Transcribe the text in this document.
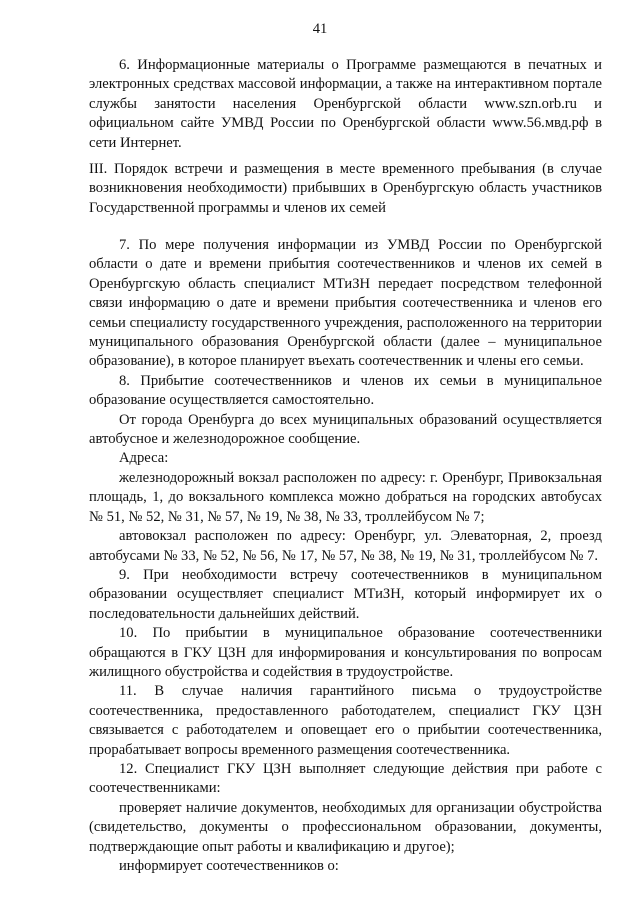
41

6. Информационные материалы о Программе размещаются в печатных и электронных средствах массовой информации, а также на интерактивном портале службы занятости населения Оренбургской области www.szn.orb.ru и официальном сайте УМВД России по Оренбургской области www.56.мвд.рф в сети Интернет.

III. Порядок встречи и размещения в месте временного пребывания (в случае возникновения необходимости) прибывших в Оренбургскую область участников Государственной программы и членов их семей

7. По мере получения информации из УМВД России по Оренбургской области о дате и времени прибытия соотечественников и членов их семей в Оренбургскую область специалист МТиЗН передает посредством телефонной связи информацию о дате и времени прибытия соотечественника и членов его семьи специалисту государственного учреждения, расположенного на территории муниципального образования Оренбургской области (далее – муниципальное образование), в которое планирует въехать соотечественник и члены его семьи.

8. Прибытие соотечественников и членов их семьи в муниципальное образование осуществляется самостоятельно.

От города Оренбурга до всех муниципальных образований осуществляется автобусное и железнодорожное сообщение.

Адреса:

железнодорожный вокзал расположен по адресу: г. Оренбург, Привокзальная площадь, 1, до вокзального комплекса можно добраться на городских автобусах № 51, № 52, № 31, № 57, № 19, № 38, № 33, троллейбусом № 7;

автовокзал расположен по адресу: Оренбург, ул. Элеваторная, 2, проезд автобусами № 33, № 52, № 56, № 17, № 57, № 38, № 19, № 31, троллейбусом № 7.

9. При необходимости встречу соотечественников в муниципальном образовании осуществляет специалист МТиЗН, который информирует их о последовательности дальнейших действий.

10. По прибытии в муниципальное образование соотечественники обращаются в ГКУ ЦЗН для информирования и консультирования по вопросам жилищного обустройства и содействия в трудоустройстве.

11. В случае наличия гарантийного письма о трудоустройстве соотечественника, предоставленного работодателем, специалист ГКУ ЦЗН связывается с работодателем и оповещает его о прибытии соотечественника, прорабатывает вопросы временного размещения соотечественника.

12. Специалист ГКУ ЦЗН выполняет следующие действия при работе с соотечественниками:

проверяет наличие документов, необходимых для организации обустройства (свидетельство, документы о профессиональном образовании, документы, подтверждающие опыт работы и квалификацию и другое);

информирует соотечественников о:
